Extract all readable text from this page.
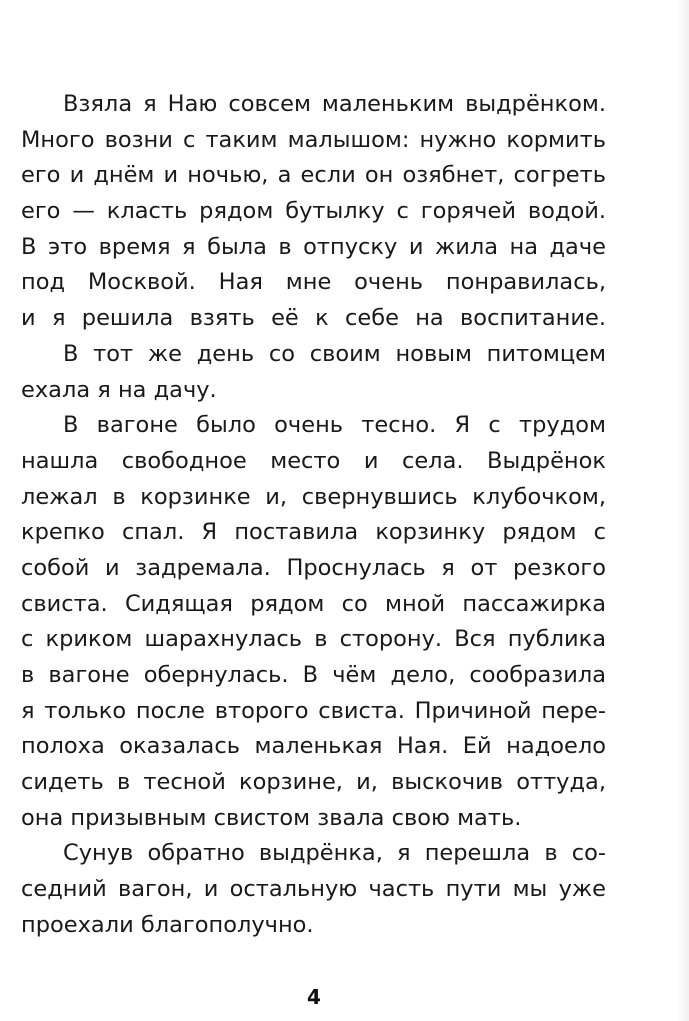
Взяла я Наю совсем маленьким выдрёнком.
Много возни с таким малышом: нужно кормить
его и днём и ночью, а если он озябнет, согреть
его — класть рядом бутылку с горячей водой.
В это время я была в отпуску и жила на даче
под Москвой. Ная мне очень понравилась,
и я решила взять её к себе на воспитание.
В тот же день со своим новым питомцем
ехала я на дачу.
В вагоне было очень тесно. Я с трудом
нашла свободное место и села. Выдрёнок
лежал в корзинке и, свернувшись клубочком,
крепко спал. Я поставила корзинку рядом с
собой и задремала. Проснулась я от резкого
свиста. Сидящая рядом со мной пассажирка
с криком шарахнулась в сторону. Вся публика
в вагоне обернулась. В чём дело, сообразила
я только после второго свиста. Причиной пере-
полоха оказалась маленькая Ная. Ей надоело
сидеть в тесной корзине, и, выскочив оттуда,
она призывным свистом звала свою мать.
Сунув обратно выдрёнка, я перешла в со-
седний вагон, и остальную часть пути мы уже
проехали благополучно.
4
